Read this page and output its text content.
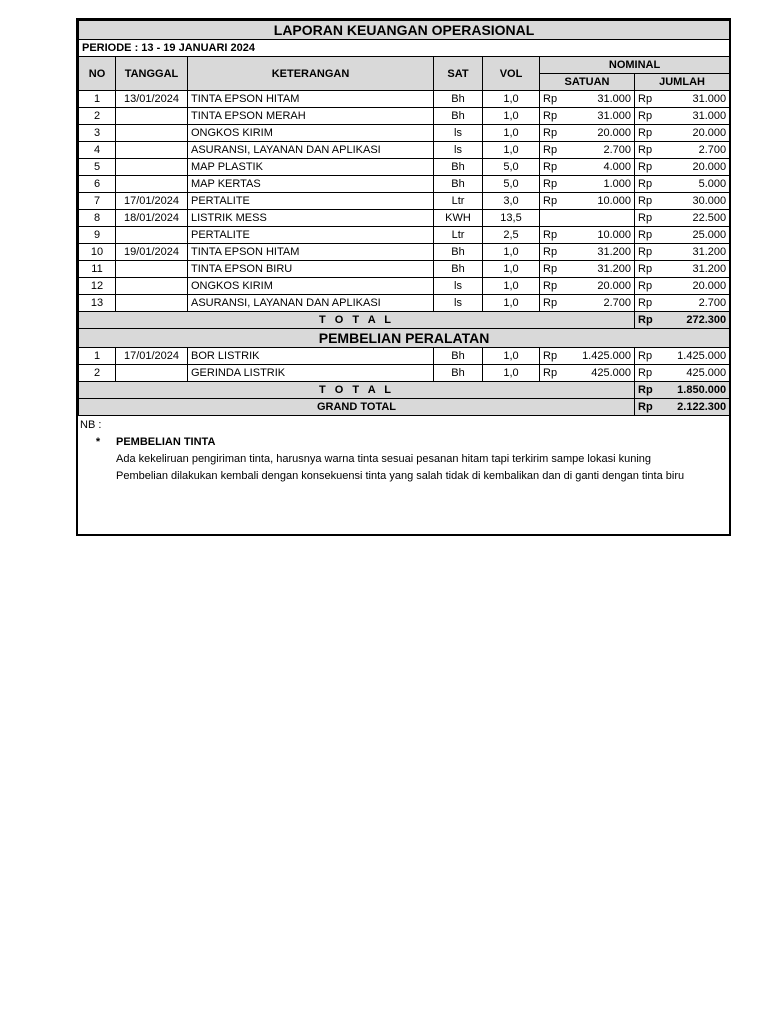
LAPORAN KEUANGAN OPERASIONAL								
PERIODE : 13 - 19 JANUARI 2024								
NO	TANGGAL	KETERANGAN	SAT	VOL	NOMINAL			
					SATUAN		JUMLAH	
1	13/01/2024	TINTA EPSON HITAM	Bh	1,0	Rp	31.000	Rp	31.000
2		TINTA EPSON MERAH	Bh	1,0	Rp	31.000	Rp	31.000
3		ONGKOS KIRIM	ls	1,0	Rp	20.000	Rp	20.000
4		ASURANSI, LAYANAN DAN APLIKASI	ls	1,0	Rp	2.700	Rp	2.700
5		MAP PLASTIK	Bh	5,0	Rp	4.000	Rp	20.000
6		MAP KERTAS	Bh	5,0	Rp	1.000	Rp	5.000
7	17/01/2024	PERTALITE	Ltr	3,0	Rp	10.000	Rp	30.000
8	18/01/2024	LISTRIK MESS	KWH	13,5			Rp	22.500
9		PERTALITE	Ltr	2,5	Rp	10.000	Rp	25.000
10	19/01/2024	TINTA EPSON HITAM	Bh	1,0	Rp	31.200	Rp	31.200
11		TINTA EPSON BIRU	Bh	1,0	Rp	31.200	Rp	31.200
12		ONGKOS KIRIM	ls	1,0	Rp	20.000	Rp	20.000
13		ASURANSI, LAYANAN DAN APLIKASI	ls	1,0	Rp	2.700	Rp	2.700
T O T A L							Rp	272.300
PEMBELIAN PERALATAN								
1	17/01/2024	BOR LISTRIK	Bh	1,0	Rp	1.425.000	Rp	1.425.000
2		GERINDA LISTRIK	Bh	1,0	Rp	425.000	Rp	425.000
T O T A L							Rp	1.850.000
GRAND TOTAL							Rp	2.122.300
NB :
*	PEMBELIAN TINTA
Ada kekeliruan pengiriman tinta, harusnya warna tinta sesuai pesanan hitam tapi terkirim sampe lokasi kuning
Pembelian dilakukan kembali dengan konsekuensi tinta yang salah tidak di kembalikan dan di ganti dengan tinta biru
